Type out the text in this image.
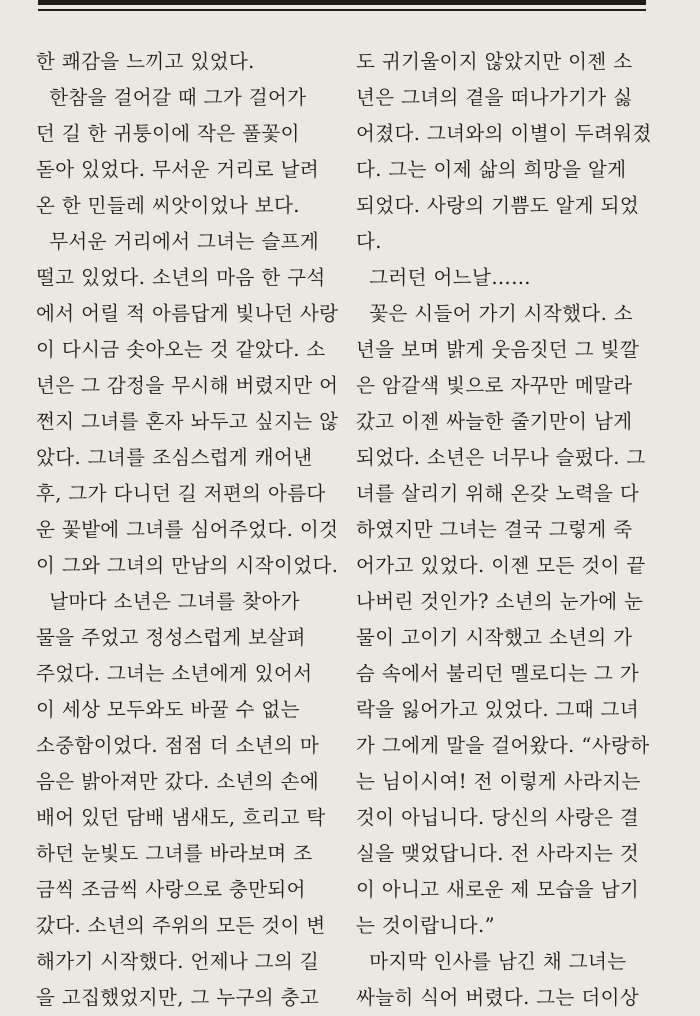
한 쾌감을 느끼고 있었다.
한참을 걸어갈 때 그가 걸어가
던 길 한 귀퉁이에 작은 풀꽃이
돋아 있었다. 무서운 거리로 날려
온 한 민들레 씨앗이었나 보다.
무서운 거리에서 그녀는 슬프게
떨고 있었다. 소년의 마음 한 구석
에서 어릴 적 아름답게 빛나던 사랑
이 다시금 솟아오는 것 같았다. 소
년은 그 감정을 무시해 버렸지만 어
쩐지 그녀를 혼자 놔두고 싶지는 않
았다. 그녀를 조심스럽게 캐어낸
후, 그가 다니던 길 저편의 아름다
운 꽃밭에 그녀를 심어주었다. 이것
이 그와 그녀의 만남의 시작이었다.
날마다 소년은 그녀를 찾아가
물을 주었고 정성스럽게 보살펴
주었다. 그녀는 소년에게 있어서
이 세상 모두와도 바꿀 수 없는
소중함이었다. 점점 더 소년의 마
음은 밝아져만 갔다. 소년의 손에
배어 있던 담배 냄새도, 흐리고 탁
하던 눈빛도 그녀를 바라보며 조
금씩 조금씩 사랑으로 충만되어
갔다. 소년의 주위의 모든 것이 변
해가기 시작했다. 언제나 그의 길
을 고집했었지만, 그 누구의 충고
도 귀기울이지 않았지만 이젠 소
년은 그녀의 곁을 떠나가기가 싫
어졌다. 그녀와의 이별이 두려워졌
다. 그는 이제 삶의 희망을 알게
되었다. 사랑의 기쁨도 알게 되었
다.
그러던 어느날……
꽃은 시들어 가기 시작했다. 소
년을 보며 밝게 웃음짓던 그 빛깔
은 암갈색 빛으로 자꾸만 메말라
갔고 이젠 싸늘한 줄기만이 남게
되었다. 소년은 너무나 슬펐다. 그
녀를 살리기 위해 온갖 노력을 다
하였지만 그녀는 결국 그렇게 죽
어가고 있었다. 이젠 모든 것이 끝
나버린 것인가? 소년의 눈가에 눈
물이 고이기 시작했고 소년의 가
슴 속에서 불리던 멜로디는 그 가
락을 잃어가고 있었다. 그때 그녀
가 그에게 말을 걸어왔다. “사랑하
는 님이시여! 전 이렇게 사라지는
것이 아닙니다. 당신의 사랑은 결
실을 맺었답니다. 전 사라지는 것
이 아니고 새로운 제 모습을 남기
는 것이랍니다.”
마지막 인사를 남긴 채 그녀는
싸늘히 식어 버렸다. 그는 더이상
